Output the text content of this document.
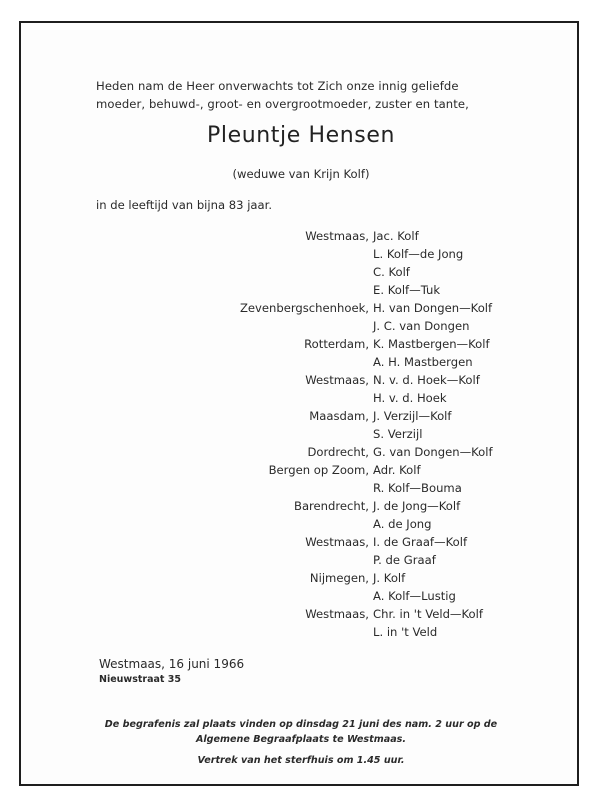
Heden nam de Heer onverwachts tot Zich onze innig geliefde
moeder, behuwd-, groot- en overgrootmoeder, zuster en tante,
Pleuntje Hensen
(weduwe van Krijn Kolf)
in de leeftijd van bijna 83 jaar.
Westmaas, Jac. Kolf
L. Kolf—de Jong
C. Kolf
E. Kolf—Tuk
Zevenbergschenhoek, H. van Dongen—Kolf
J. C. van Dongen
Rotterdam, K. Mastbergen—Kolf
A. H. Mastbergen
Westmaas, N. v. d. Hoek—Kolf
H. v. d. Hoek
Maasdam, J. Verzijl—Kolf
S. Verzijl
Dordrecht, G. van Dongen—Kolf
Bergen op Zoom, Adr. Kolf
R. Kolf—Bouma
Barendrecht, J. de Jong—Kolf
A. de Jong
Westmaas, I. de Graaf—Kolf
P. de Graaf
Nijmegen, J. Kolf
A. Kolf—Lustig
Westmaas, Chr. in 't Veld—Kolf
L. in 't Veld
Westmaas, 16 juni 1966
Nieuwstraat 35
De begrafenis zal plaats vinden op dinsdag 21 juni des nam. 2 uur op de
Algemene Begraafplaats te Westmaas.
Vertrek van het sterfhuis om 1.45 uur.
